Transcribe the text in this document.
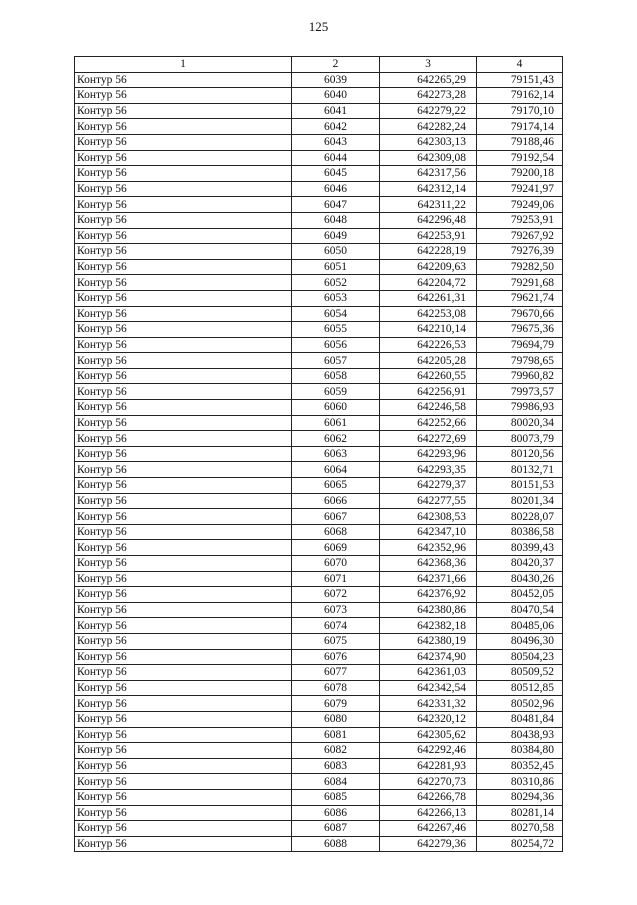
125
1	2	3	4
Контур 56	6039	642265,29	79151,43
Контур 56	6040	642273,28	79162,14
Контур 56	6041	642279,22	79170,10
Контур 56	6042	642282,24	79174,14
Контур 56	6043	642303,13	79188,46
Контур 56	6044	642309,08	79192,54
Контур 56	6045	642317,56	79200,18
Контур 56	6046	642312,14	79241,97
Контур 56	6047	642311,22	79249,06
Контур 56	6048	642296,48	79253,91
Контур 56	6049	642253,91	79267,92
Контур 56	6050	642228,19	79276,39
Контур 56	6051	642209,63	79282,50
Контур 56	6052	642204,72	79291,68
Контур 56	6053	642261,31	79621,74
Контур 56	6054	642253,08	79670,66
Контур 56	6055	642210,14	79675,36
Контур 56	6056	642226,53	79694,79
Контур 56	6057	642205,28	79798,65
Контур 56	6058	642260,55	79960,82
Контур 56	6059	642256,91	79973,57
Контур 56	6060	642246,58	79986,93
Контур 56	6061	642252,66	80020,34
Контур 56	6062	642272,69	80073,79
Контур 56	6063	642293,96	80120,56
Контур 56	6064	642293,35	80132,71
Контур 56	6065	642279,37	80151,53
Контур 56	6066	642277,55	80201,34
Контур 56	6067	642308,53	80228,07
Контур 56	6068	642347,10	80386,58
Контур 56	6069	642352,96	80399,43
Контур 56	6070	642368,36	80420,37
Контур 56	6071	642371,66	80430,26
Контур 56	6072	642376,92	80452,05
Контур 56	6073	642380,86	80470,54
Контур 56	6074	642382,18	80485,06
Контур 56	6075	642380,19	80496,30
Контур 56	6076	642374,90	80504,23
Контур 56	6077	642361,03	80509,52
Контур 56	6078	642342,54	80512,85
Контур 56	6079	642331,32	80502,96
Контур 56	6080	642320,12	80481,84
Контур 56	6081	642305,62	80438,93
Контур 56	6082	642292,46	80384,80
Контур 56	6083	642281,93	80352,45
Контур 56	6084	642270,73	80310,86
Контур 56	6085	642266,78	80294,36
Контур 56	6086	642266,13	80281,14
Контур 56	6087	642267,46	80270,58
Контур 56	6088	642279,36	80254,72
